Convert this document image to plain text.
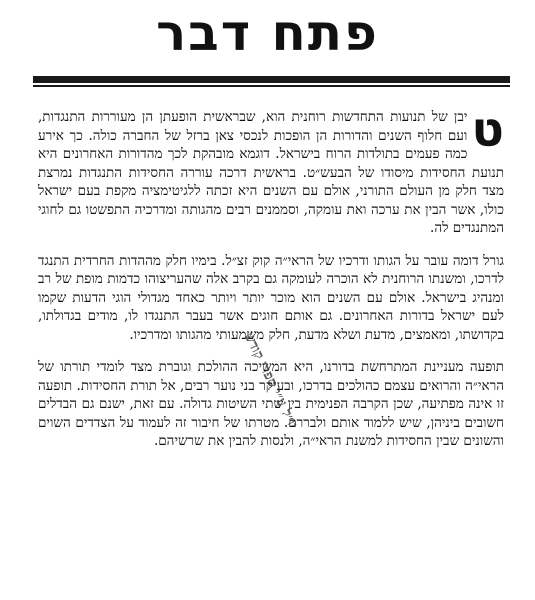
פתח דבר

ט
יבן של תנועות התחדשות רוחנית הוא, שבראשית הופעתן הן מעוררות התנגדות, ועם חלוף השנים והדורות הן הופכות לנכסי צאן ברזל של החברה כולה. כך אירע כמה פעמים בתולדות הרוח בישראל. דוגמא מובהקת לכך מהדורות האחרונים היא תנועת החסידות מיסודו של הבעש״ט. בראשית דרכה עוררה החסידות התנגדות נמרצת מצד חלק מן העולם התורני, אולם עם השנים היא זכתה ללגיטימציה מקפת בעם ישראל כולו, אשר הבין את ערכה ואת עומקה, וסממנים רבים מהגותה ומדרכיה התפשטו גם לחוגי המתנגדים לה.

גורל דומה עובר על הגותו ודרכיו של הראי״ה קוק זצ״ל. בימיו חלק מההדות החרדית התנגד לדרכו, ומשנתו הרוחנית לא הוכרה לעומקה גם בקרב אלה שהעריצוהו כדמות מופת של רב ומנהיג בישראל. אולם עם השנים הוא מוכר יותר ויותר כאחד מגדולי הוגי הדעות שקמו לעם ישראל בדורות האחרונים. גם אותם חוגים אשר בעבר התנגדו לו, מודים בגדולתו, בקדושתו, ומאמצים, מדעת ושלא מדעת, חלק משמעותי מהגותו ומדרכיו.

תופעה מעניינת המתרחשת בדורנו, היא המשיכה ההולכת וגוברת מצד לומדי תורתו של הראי״ה והרואים עצמם כהולכים בדרכו, ובעיקר בני נוער רבים, אל תורת החסידות. תופעה זו אינה מפתיעה, שכן הקרבה הפנימית בין שתי השיטות גדולה. עם זאת, ישנם גם הבדלים חשובים ביניהן, שיש ללמוד אותם ולבררם. מטרתו של חיבור זה לעמוד על הצדדים השוים והשונים שבין החסידות למשנת הראי״ה, ולנסות להבין את שרשיהם.

יו״ל ע״י ספרי קודש
